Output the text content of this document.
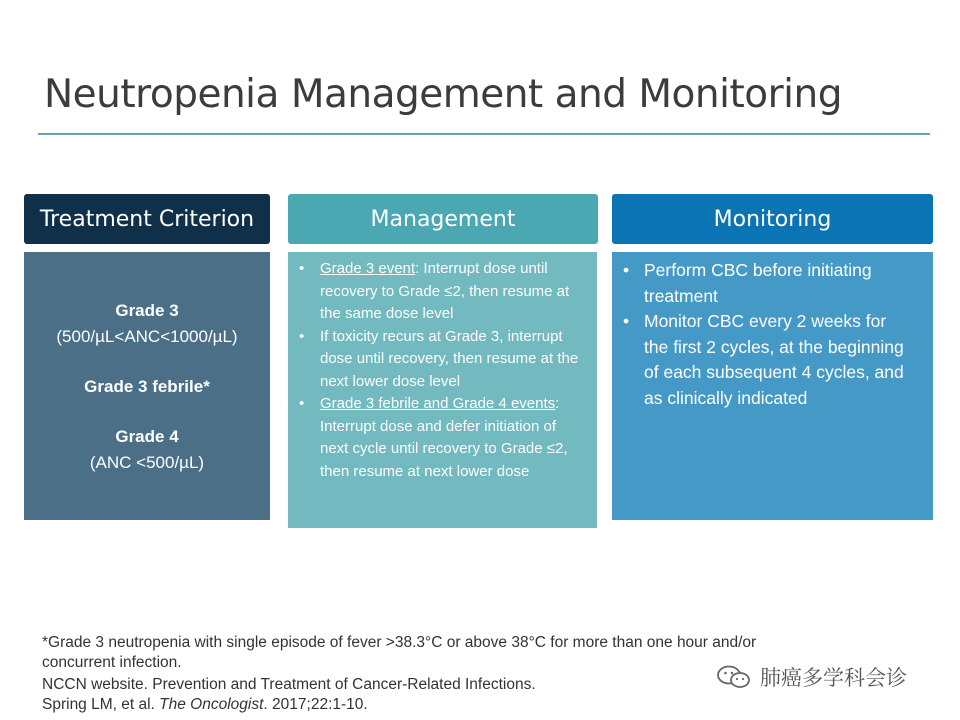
Neutropenia Management and Monitoring
Treatment Criterion	Management	Monitoring
Grade 3
(500/µL<ANC<1000/µL)
Grade 3 febrile*
Grade 4
(ANC <500/µL)
• Grade 3 event: Interrupt dose until recovery to Grade ≤2, then resume at the same dose level
• If toxicity recurs at Grade 3, interrupt dose until recovery, then resume at the next lower dose level
• Grade 3 febrile and Grade 4 events: Interrupt dose and defer initiation of next cycle until recovery to Grade ≤2, then resume at next lower dose
• Perform CBC before initiating treatment
• Monitor CBC every 2 weeks for the first 2 cycles, at the beginning of each subsequent 4 cycles, and as clinically indicated
*Grade 3 neutropenia with single episode of fever >38.3°C or above 38°C for more than one hour and/or
concurrent infection.
NCCN website. Prevention and Treatment of Cancer-Related Infections.
Spring LM, et al. The Oncologist. 2017;22:1-10.
肺癌多学科会诊
